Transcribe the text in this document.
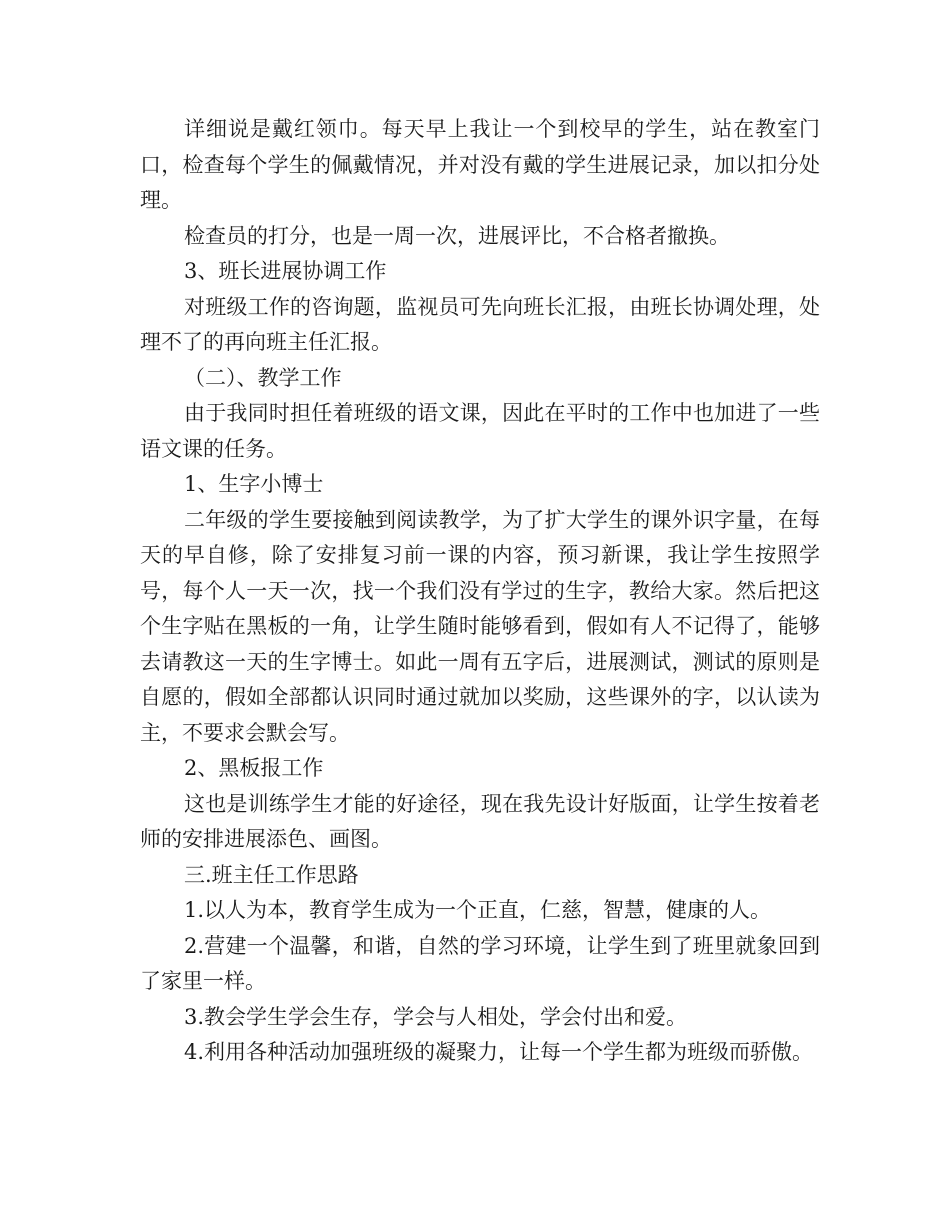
详细说是戴红领巾。每天早上我让一个到校早的学生，站在教室门口，检查每个学生的佩戴情况，并对没有戴的学生进展记录，加以扣分处理。

检查员的打分，也是一周一次，进展评比，不合格者撤换。

3、班长进展协调工作

对班级工作的咨询题，监视员可先向班长汇报，由班长协调处理，处理不了的再向班主任汇报。

（二）、教学工作

由于我同时担任着班级的语文课，因此在平时的工作中也加进了一些语文课的任务。

1、生字小博士

二年级的学生要接触到阅读教学，为了扩大学生的课外识字量，在每天的早自修，除了安排复习前一课的内容，预习新课，我让学生按照学号，每个人一天一次，找一个我们没有学过的生字，教给大家。然后把这个生字贴在黑板的一角，让学生随时能够看到，假如有人不记得了，能够去请教这一天的生字博士。如此一周有五字后，进展测试，测试的原则是自愿的，假如全部都认识同时通过就加以奖励，这些课外的字，以认读为主，不要求会默会写。

2、黑板报工作

这也是训练学生才能的好途径，现在我先设计好版面，让学生按着老师的安排进展添色、画图。

三.班主任工作思路

1.以人为本，教育学生成为一个正直，仁慈，智慧，健康的人。

2.营建一个温馨，和谐，自然的学习环境，让学生到了班里就象回到了家里一样。

3.教会学生学会生存，学会与人相处，学会付出和爱。

4.利用各种活动加强班级的凝聚力，让每一个学生都为班级而骄傲。
